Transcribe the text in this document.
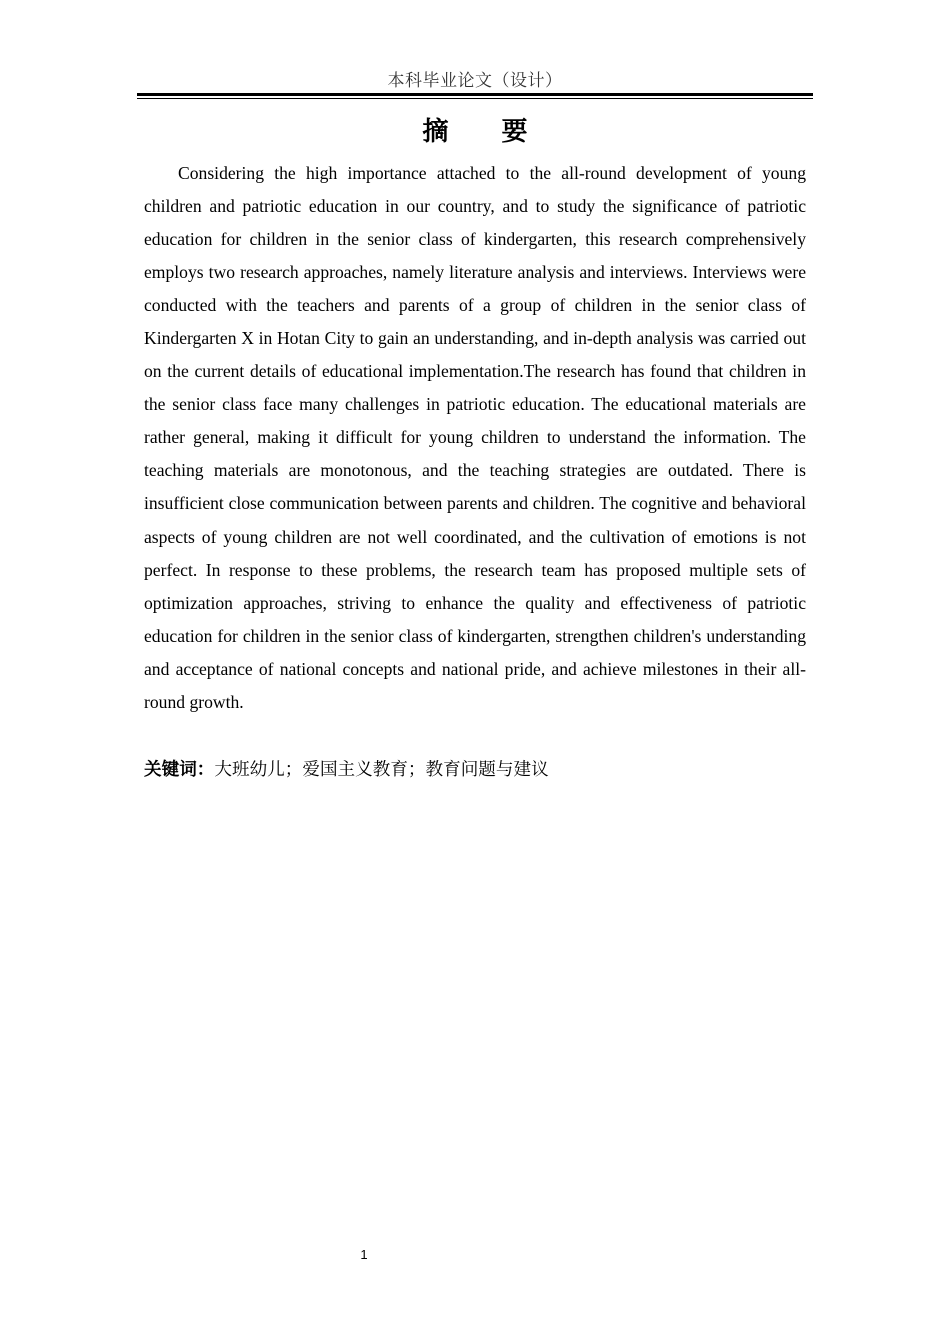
本科毕业论文（设计）
摘 要

Considering the high importance attached to the all-round development of young children and patriotic education in our country, and to study the significance of patriotic education for children in the senior class of kindergarten, this research comprehensively employs two research approaches, namely literature analysis and interviews. Interviews were conducted with the teachers and parents of a group of children in the senior class of Kindergarten X in Hotan City to gain an understanding, and in-depth analysis was carried out on the current details of educational implementation.The research has found that children in the senior class face many challenges in patriotic education. The educational materials are rather general, making it difficult for young children to understand the information. The teaching materials are monotonous, and the teaching strategies are outdated. There is insufficient close communication between parents and children. The cognitive and behavioral aspects of young children are not well coordinated, and the cultivation of emotions is not perfect. In response to these problems, the research team has proposed multiple sets of optimization approaches, striving to enhance the quality and effectiveness of patriotic education for children in the senior class of kindergarten, strengthen children's understanding and acceptance of national concepts and national pride, and achieve milestones in their all-round growth.

关键词：大班幼儿；爱国主义教育；教育问题与建议
1
